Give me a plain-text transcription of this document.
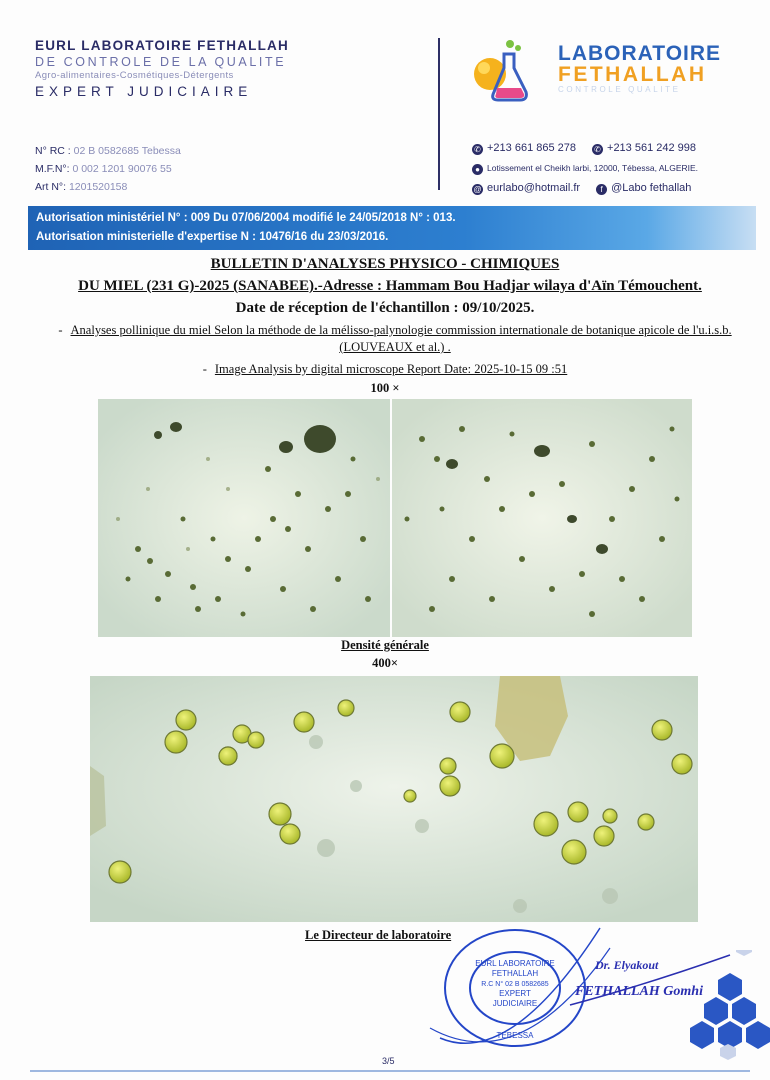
EURL LABORATOIRE FETHALLAH
DE CONTROLE DE LA QUALITE
Agro-alimentaires-Cosmétiques-Détergents
EXPERT JUDICIAIRE
N° RC : 02 B 0582685 Tebessa
M.F.N°: 0 002 1201 90076 55
Art N°: 1201520158
LABORATOIRE
FETHALLAH
CONTROLE QUALITE
✆ +213 661 865 278 ✆ +213 561 242 998
● Lotissement el Cheikh larbi, 12000, Tébessa, ALGERIE.
@ eurlabo@hotmail.fr	f @Labo fethallah
Autorisation ministériel N° : 009 Du 07/06/2004 modifié le 24/05/2018 N° : 013.
Autorisation ministerielle d'expertise N : 10476/16 du 23/03/2016.
BULLETIN D'ANALYSES PHYSICO - CHIMIQUES
DU MIEL (231 G)-2025 (SANABEE).-Adresse : Hammam Bou Hadjar wilaya d'Aïn Témouchent.
Date de réception de l'échantillon : 09/10/2025.
- Analyses pollinique du miel Selon la méthode de la mélisso-palynologie commission internationale de botanique apicole de l'u.i.s.b. (LOUVEAUX et al.) .
- Image Analysis by digital microscope Report Date: 2025-10-15 09 :51
100 ×
Densité générale
400×
Le Directeur de laboratoire
EURL LABORATOIRE
FETHALLAH
R.C N° 02 B 0582685
EXPERT
JUDICIAIRE
TEBESSA
Dr. Elyakout
FETHALLAH Gomhi
3/5
